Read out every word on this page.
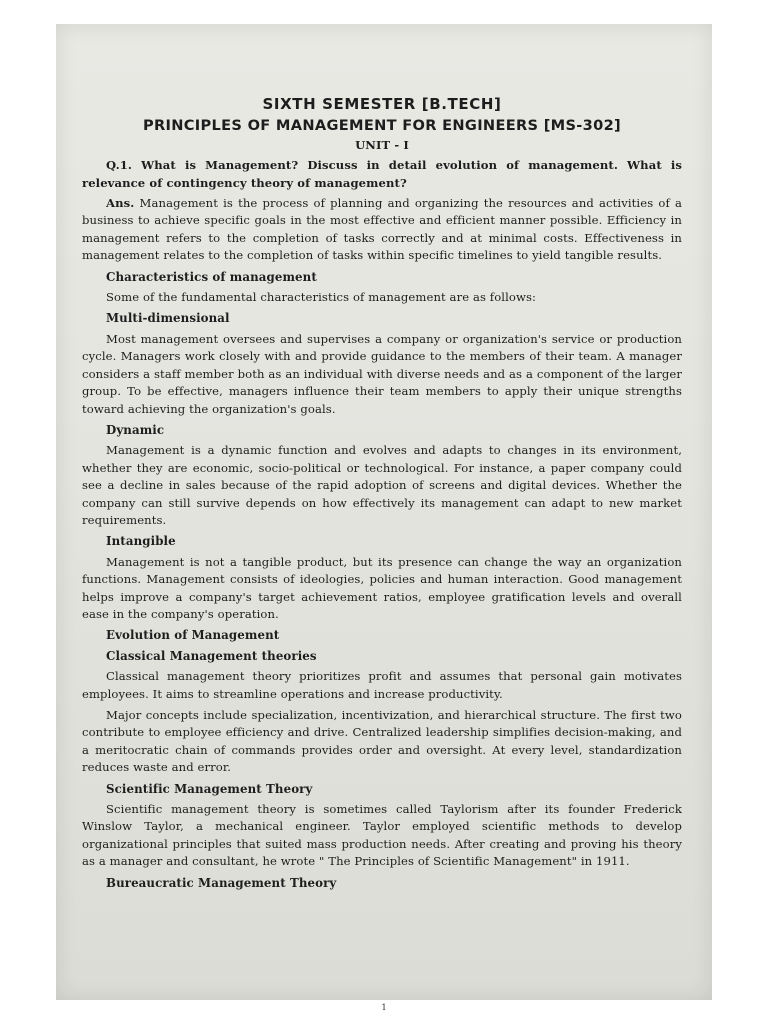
SIXTH SEMESTER [B.TECH]
PRINCIPLES OF MANAGEMENT FOR ENGINEERS [MS-302]
UNIT - I
Q.1. What is Management? Discuss in detail evolution of management. What is relevance of contingency theory of management?

Ans. Management is the process of planning and organizing the resources and activities of a business to achieve specific goals in the most effective and efficient manner possible. Efficiency in management refers to the completion of tasks correctly and at minimal costs. Effectiveness in management relates to the completion of tasks within specific timelines to yield tangible results.

Characteristics of management

Some of the fundamental characteristics of management are as follows:

Multi-dimensional

Most management oversees and supervises a company or organization's service or production cycle. Managers work closely with and provide guidance to the members of their team. A manager considers a staff member both as an individual with diverse needs and as a component of the larger group. To be effective, managers influence their team members to apply their unique strengths toward achieving the organization's goals.

Dynamic

Management is a dynamic function and evolves and adapts to changes in its environment, whether they are economic, socio-political or technological. For instance, a paper company could see a decline in sales because of the rapid adoption of screens and digital devices. Whether the company can still survive depends on how effectively its management can adapt to new market requirements.

Intangible

Management is not a tangible product, but its presence can change the way an organization functions. Management consists of ideologies, policies and human interaction. Good management helps improve a company's target achievement ratios, employee gratification levels and overall ease in the company's operation.

Evolution of Management
Classical Management theories

Classical management theory prioritizes profit and assumes that personal gain motivates employees. It aims to streamline operations and increase productivity.

Major concepts include specialization, incentivization, and hierarchical structure. The first two contribute to employee efficiency and drive. Centralized leadership simplifies decision-making, and a meritocratic chain of commands provides order and oversight. At every level, standardization reduces waste and error.

Scientific Management Theory

Scientific management theory is sometimes called Taylorism after its founder Frederick Winslow Taylor, a mechanical engineer. Taylor employed scientific methods to develop organizational principles that suited mass production needs. After creating and proving his theory as a manager and consultant, he wrote " The Principles of Scientific Management" in 1911.

Bureaucratic Management Theory
1
